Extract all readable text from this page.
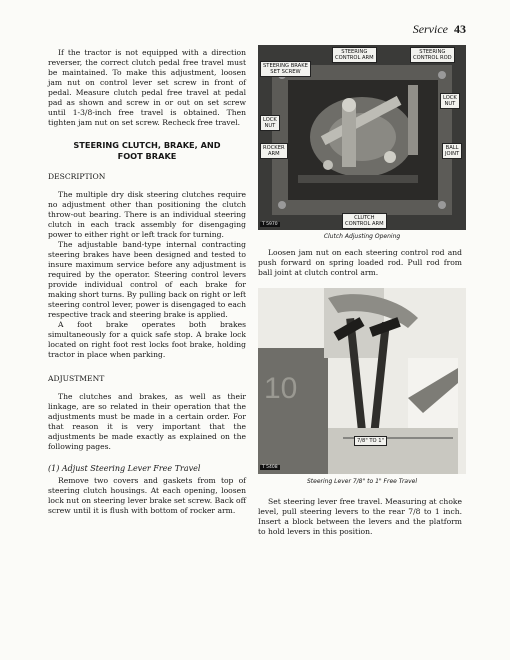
Service 43

If the tractor is not equipped with a direction reverser, the correct clutch pedal free travel must be maintained. To make this adjustment, loosen jam nut on control lever set screw in front of pedal. Measure clutch pedal free travel at pedal pad as shown and screw in or out on set screw until 1-3/8-inch free travel is obtained. Then tighten jam nut on set screw. Recheck free travel.

STEERING CLUTCH, BRAKE, AND
FOOT BRAKE
DESCRIPTION

The multiple dry disk steering clutches require no adjustment other than positioning the clutch throw-out bearing. There is an individual steering clutch in each track assembly for disengaging power to either right or left track for turning.

The adjustable band-type internal contracting steering brakes have been designed and tested to insure maximum service before any adjustment is required by the operator. Steering control levers provide individual control of each brake for making short turns. By pulling back on right or left steering control lever, power is disengaged to each respective track and steering brake is applied.

A foot brake operates both brakes simultaneously for a quick safe stop. A brake lock located on right foot rest locks foot brake, holding tractor in place when parking.

ADJUSTMENT

The clutches and brakes, as well as their linkage, are so related in their operation that the adjustments must be made in a certain order. For that reason it is very important that the adjustments be made exactly as explained on the following pages.

(1) Adjust Steering Lever Free Travel

Remove two covers and gaskets from top of steering clutch housings. At each opening, loosen lock nut on steering lever brake set screw. Back off screw until it is flush with bottom of rocker arm.

STEERING
CONTROL ARM
STEERING
CONTROL ROD
STEERING BRAKE
SET SCREW
LOCK
NUT
LOCK
NUT
ROCKER
ARM
BALL
JOINT
CLUTCH
CONTROL ARM
T 5970
Clutch Adjusting Opening

Loosen jam nut on each steering control rod and push forward on spring loaded rod. Pull rod from ball joint at clutch control arm.

10
7/8" TO 1"
T 5408
Steering Lever 7/8" to 1" Free Travel

Set steering lever free travel. Measuring at choke level, pull steering levers to the rear 7/8 to 1 inch. Insert a block between the levers and the platform to hold levers in this position.
